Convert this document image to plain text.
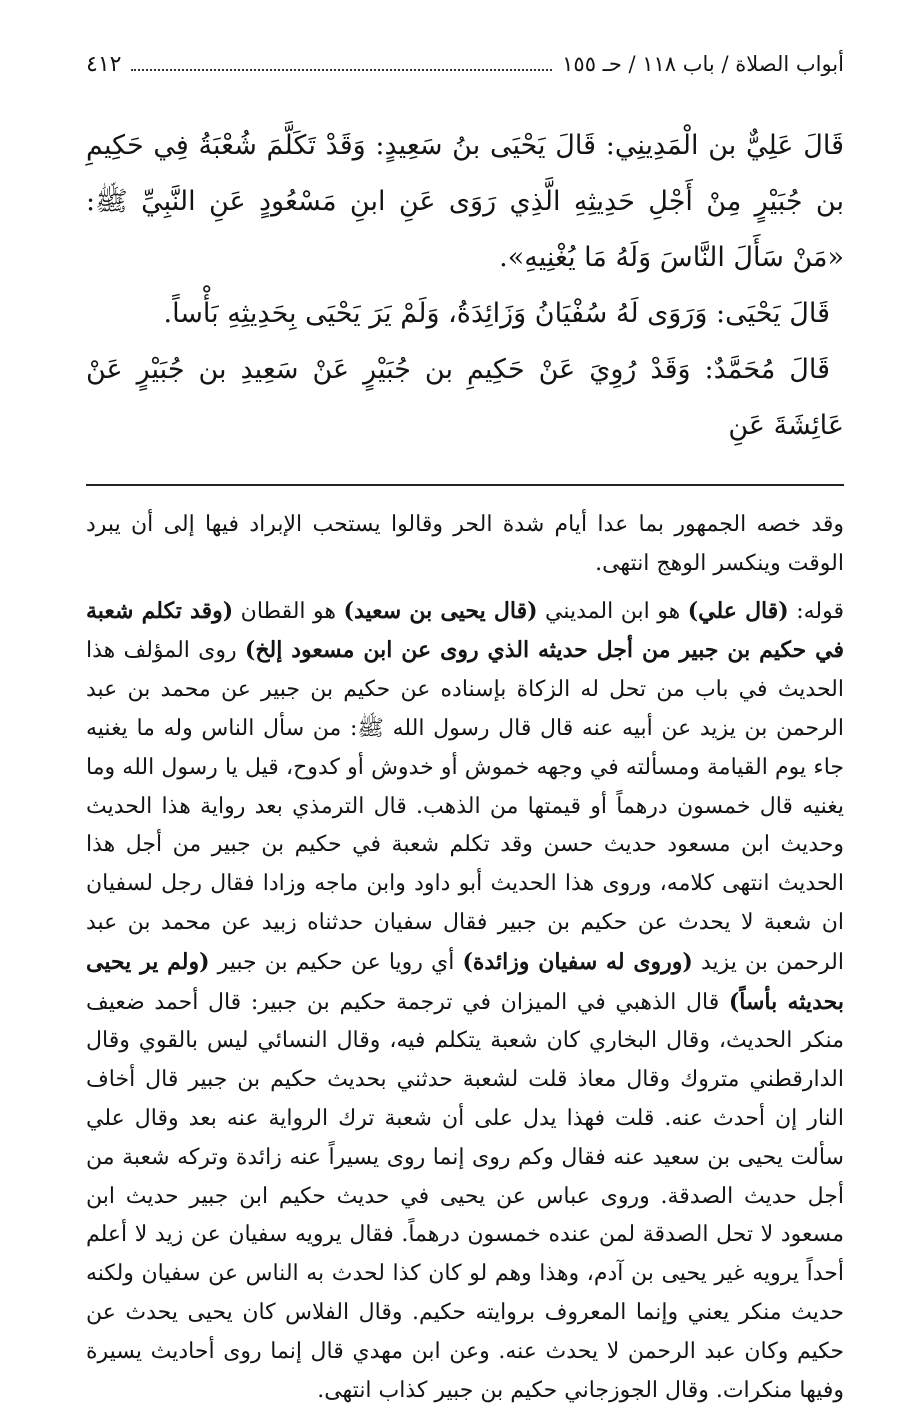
أبواب الصلاة / باب ١١٨ / حـ ١٥٥
٤١٢

قَالَ عَلِيٌّ بن الْمَدِينِي: قَالَ يَحْيَى بنُ سَعِيدٍ: وَقَدْ تَكَلَّمَ شُعْبَةُ فِي حَكِيمِ بن جُبَيْرٍ مِنْ أَجْلِ حَدِيثِهِ الَّذِي رَوَى عَنِ ابنِ مَسْعُودٍ عَنِ النَّبِيِّ ﷺ: «مَنْ سَأَلَ النَّاسَ وَلَهُ مَا يُغْنِيهِ».

قَالَ يَحْيَى: وَرَوَى لَهُ سُفْيَانُ وَزَائِدَةُ، وَلَمْ يَرَ يَحْيَى بِحَدِيثِهِ بَأْساً.

قَالَ مُحَمَّدٌ: وَقَدْ رُوِيَ عَنْ حَكِيمِ بن جُبَيْرٍ عَنْ سَعِيدِ بن جُبَيْرٍ عَنْ عَائِشَةَ عَنِ

وقد خصه الجمهور بما عدا أيام شدة الحر وقالوا يستحب الإبراد فيها إلى أن يبرد الوقت وينكسر الوهج انتهى.

قوله: (قال علي) هو ابن المديني (قال يحيى بن سعيد) هو القطان (وقد تكلم شعبة في حكيم بن جبير من أجل حديثه الذي روى عن ابن مسعود إلخ) روى المؤلف هذا الحديث في باب من تحل له الزكاة بإسناده عن حكيم بن جبير عن محمد بن عبد الرحمن بن يزيد عن أبيه عنه قال قال رسول الله ﷺ: من سأل الناس وله ما يغنيه جاء يوم القيامة ومسألته في وجهه خموش أو خدوش أو كدوح، قيل يا رسول الله وما يغنيه قال خمسون درهماً أو قيمتها من الذهب. قال الترمذي بعد رواية هذا الحديث وحديث ابن مسعود حديث حسن وقد تكلم شعبة في حكيم بن جبير من أجل هذا الحديث انتهى كلامه، وروى هذا الحديث أبو داود وابن ماجه وزادا فقال رجل لسفيان ان شعبة لا يحدث عن حكيم بن جبير فقال سفيان حدثناه زبيد عن محمد بن عبد الرحمن بن يزيد (وروى له سفيان وزائدة) أي رويا عن حكيم بن جبير (ولم ير يحيى بحديثه بأساً) قال الذهبي في الميزان في ترجمة حكيم بن جبير: قال أحمد ضعيف منكر الحديث، وقال البخاري كان شعبة يتكلم فيه، وقال النسائي ليس بالقوي وقال الدارقطني متروك وقال معاذ قلت لشعبة حدثني بحديث حكيم بن جبير قال أخاف النار إن أحدث عنه. قلت فهذا يدل على أن شعبة ترك الرواية عنه بعد وقال علي سألت يحيى بن سعيد عنه فقال وكم روى إنما روى يسيراً عنه زائدة وتركه شعبة من أجل حديث الصدقة. وروى عباس عن يحيى في حديث حكيم ابن جبير حديث ابن مسعود لا تحل الصدقة لمن عنده خمسون درهماً. فقال يرويه سفيان عن زيد لا أعلم أحداً يرويه غير يحيى بن آدم، وهذا وهم لو كان كذا لحدث به الناس عن سفيان ولكنه حديث منكر يعني وإنما المعروف بروايته حكيم. وقال الفلاس كان يحيى يحدث عن حكيم وكان عبد الرحمن لا يحدث عنه. وعن ابن مهدي قال إنما روى أحاديث يسيرة وفيها منكرات. وقال الجوزجاني حكيم بن جبير كذاب انتهى.
